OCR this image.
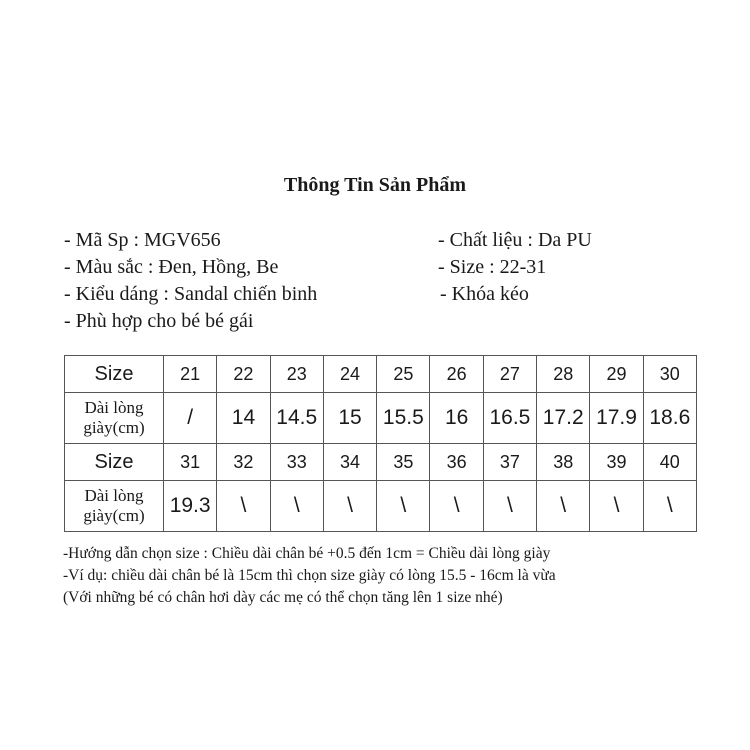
Thông Tin Sản Phẩm
- Mã Sp : MGV656
- Màu sắc : Đen, Hồng, Be
- Kiểu dáng : Sandal chiến binh
- Phù hợp cho bé bé gái
- Chất liệu : Da PU
- Size : 22-31
- Khóa kéo
Size	21	22	23	24	25	26	27	28	29	30

Dài lòng
giày(cm)	/	14	14.5	15	15.5	16	16.5	17.2	17.9	18.6
Size	31	32	33	34	35	36	37	38	39	40

Dài lòng
giày(cm)	19.3	\	\	\	\	\	\	\	\	\
-Hướng dẫn chọn size : Chiều dài chân bé +0.5 đến 1cm = Chiều dài lòng giày
-Ví dụ: chiều dài chân bé là 15cm thì chọn size giày có lòng 15.5 - 16cm là vừa
(Với những bé có chân hơi dày các mẹ có thể chọn tăng lên 1 size nhé)
